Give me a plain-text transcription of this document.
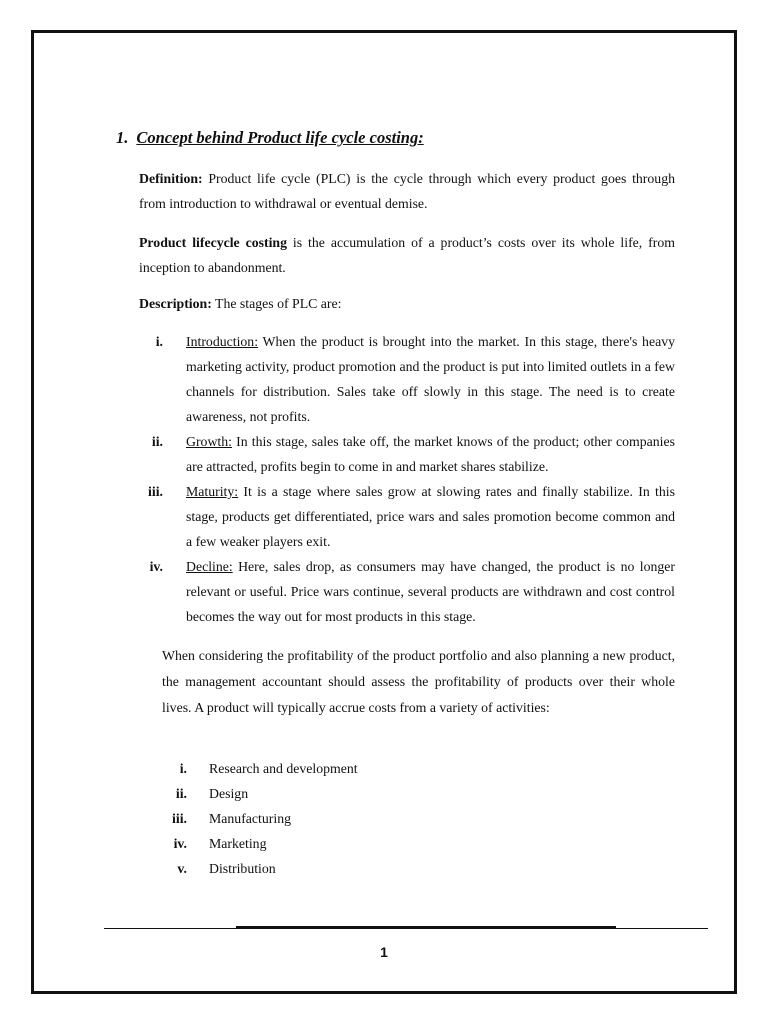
1. Concept behind Product life cycle costing:

Definition: Product life cycle (PLC) is the cycle through which every product goes through from introduction to withdrawal or eventual demise.

Product lifecycle costing is the accumulation of a product’s costs over its whole life, from inception to abandonment.

Description: The stages of PLC are:

i. Introduction: When the product is brought into the market. In this stage, there's heavy marketing activity, product promotion and the product is put into limited outlets in a few channels for distribution. Sales take off slowly in this stage. The need is to create awareness, not profits.
ii. Growth: In this stage, sales take off, the market knows of the product; other companies are attracted, profits begin to come in and market shares stabilize.
iii. Maturity: It is a stage where sales grow at slowing rates and finally stabilize. In this stage, products get differentiated, price wars and sales promotion become common and a few weaker players exit.
iv. Decline: Here, sales drop, as consumers may have changed, the product is no longer relevant or useful. Price wars continue, several products are withdrawn and cost control becomes the way out for most products in this stage.

When considering the profitability of the product portfolio and also planning a new product, the management accountant should assess the profitability of products over their whole lives. A product will typically accrue costs from a variety of activities:

i. Research and development
ii. Design
iii. Manufacturing
iv. Marketing
v. Distribution
1
